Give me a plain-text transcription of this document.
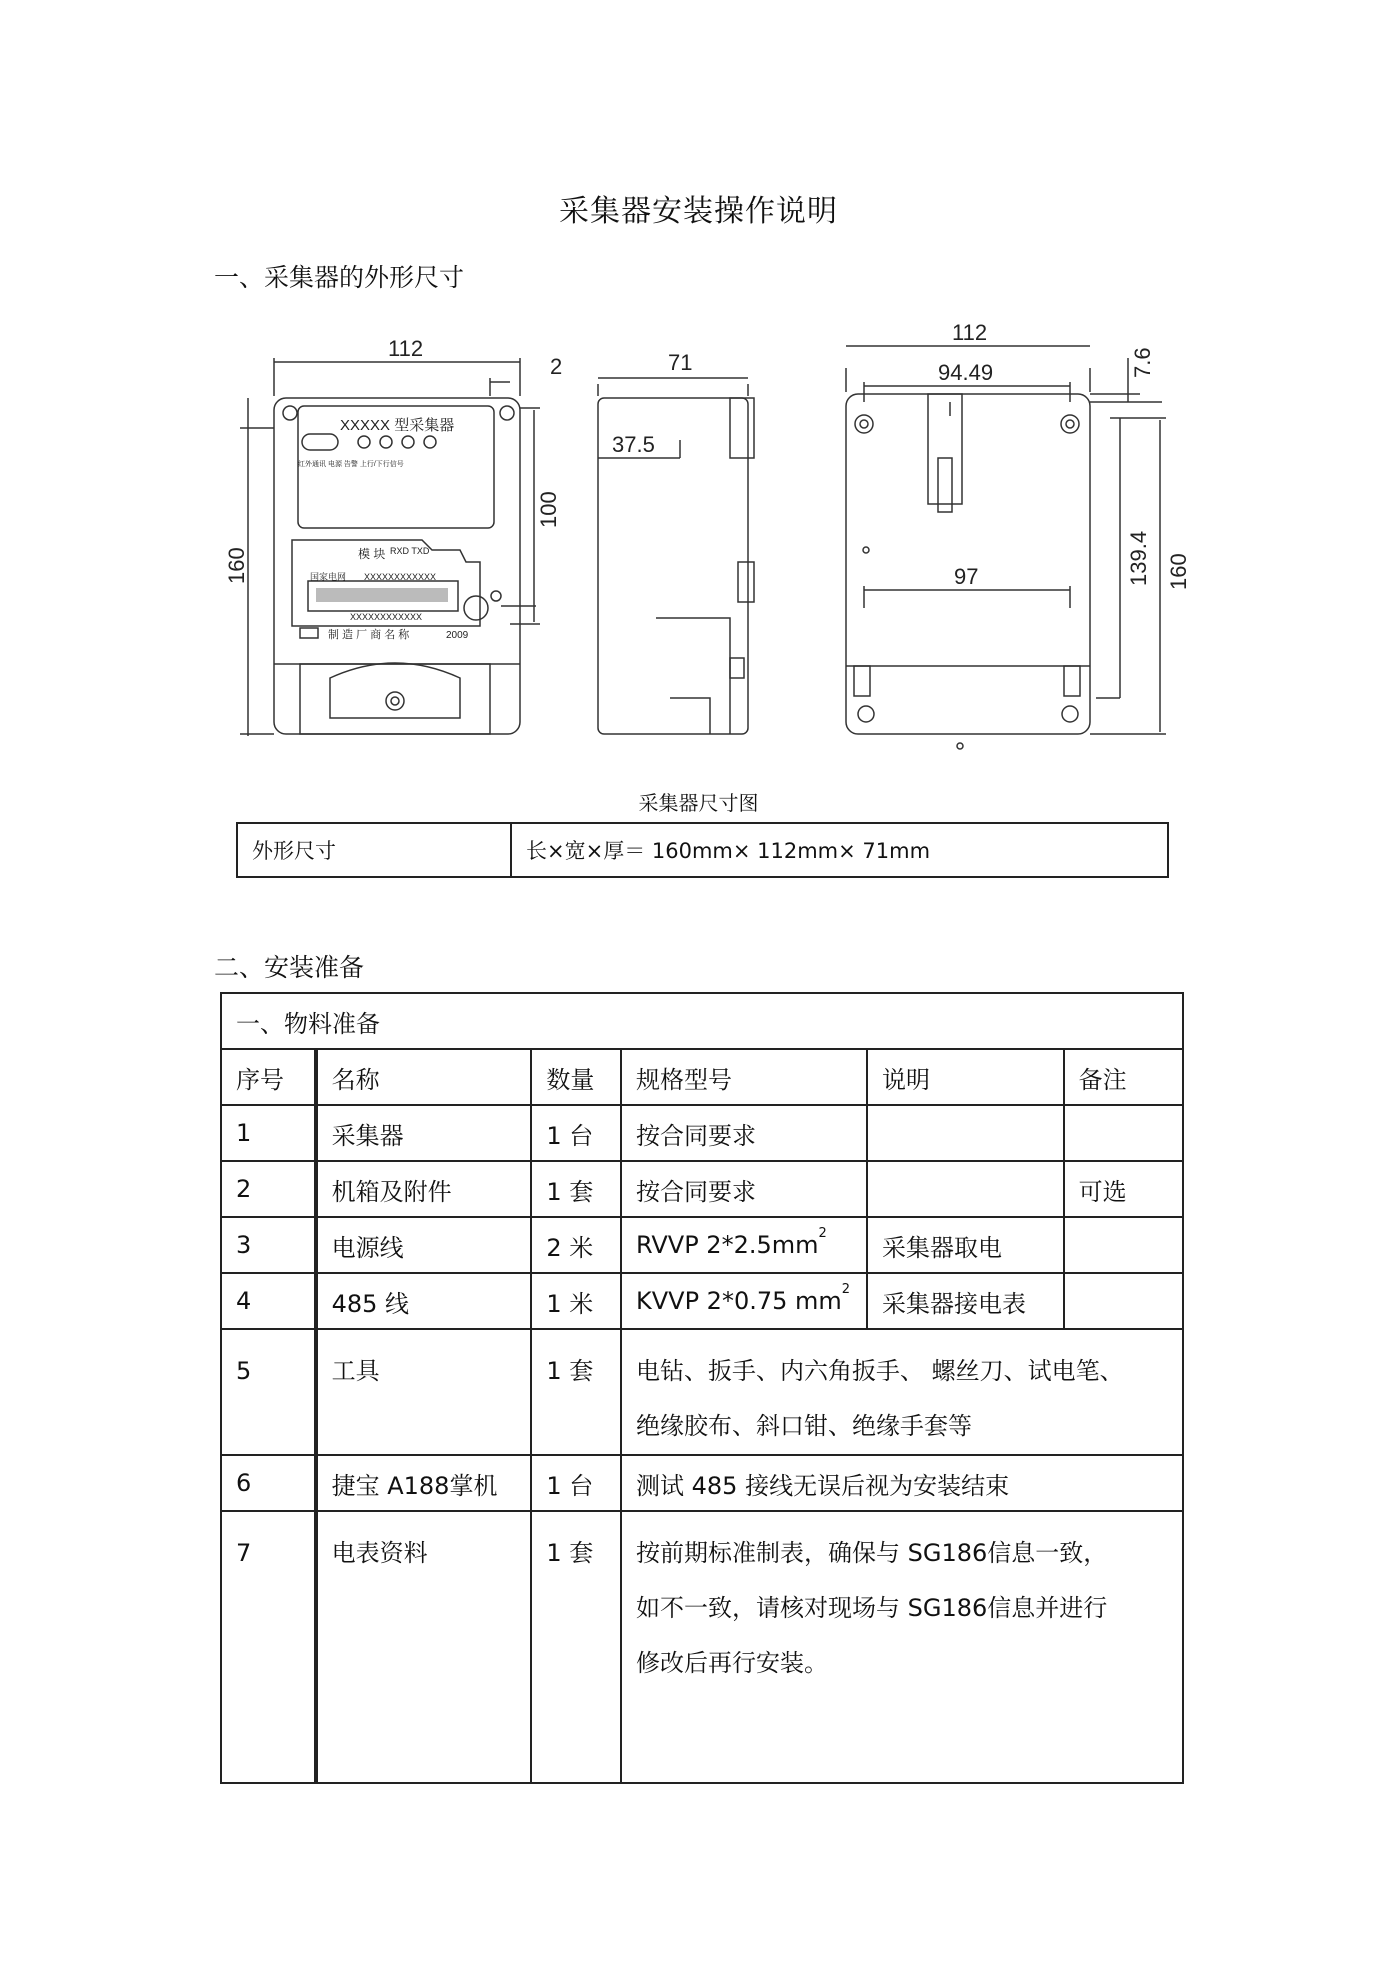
采集器安装操作说明
一、采集器的外形尺寸
112
160
100
2	71
37.5
112
94.49
97	160
139.4
7.6
XXXXX 型采集器
红外通讯 电源 告警 上行/下行信号
模 块 RXD TXD
国家电网 XXXXXXXXXXXX
XXXXXXXXXXXX
制 造 厂 商 名 称	2009
采集器尺寸图
外形尺寸	长×宽×厚＝ 160mm× 112mm× 71mm
二、安装准备
一、物料准备					
序号	名称	数量	规格型号	说明	备注
1	采集器	1 台	按合同要求		
2	机箱及附件	1 套	按合同要求		可选
3	电源线	2 米	RVVP $2*2.5mm^2$	采集器取电	
4	485 线	1 米	KVVP 2*0.75 $mm^2$	采集器接电表	
5	工具	1 套	电钻、扳手、内六角扳手、 螺丝刀、试电笔、
绝缘胶布、斜口钳、绝缘手套等		

6	捷宝 A188掌机	1 台	测试 485 接线无误后视为安装结束		
7	电表资料	1 套	按前期标准制表，确保与 SG186信息一致，
如不一致，请核对现场与 SG186信息并进行
修改后再行安装。		
